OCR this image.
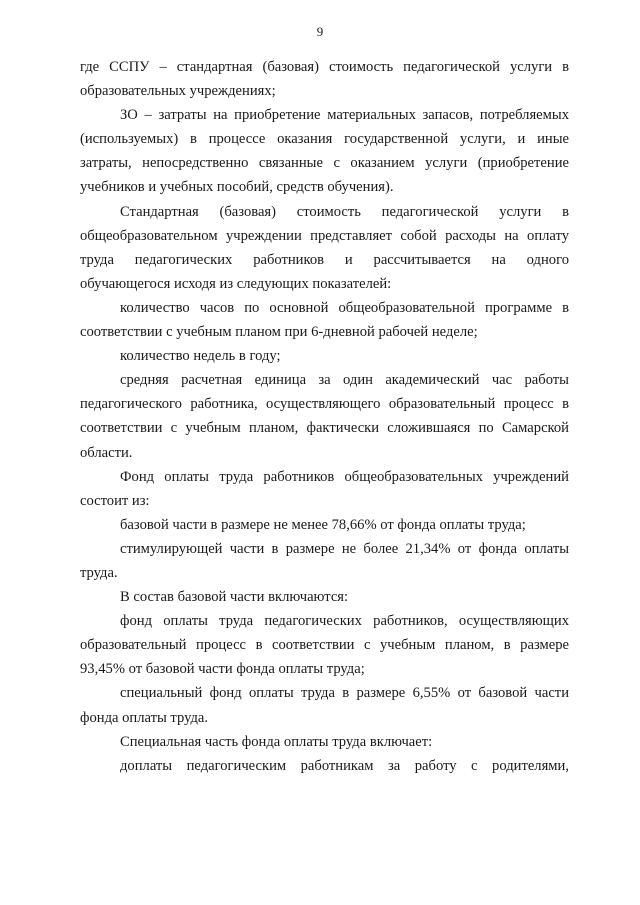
9
где ССПУ – стандартная (базовая) стоимость педагогической услуги в
образовательных учреждениях;
ЗО – затраты на приобретение материальных запасов, потребляемых
(используемых) в процессе оказания государственной услуги, и иные
затраты, непосредственно связанные с оказанием услуги (приобретение
учебников и учебных пособий, средств обучения).
Стандартная (базовая) стоимость педагогической услуги в
общеобразовательном учреждении представляет собой расходы на оплату
труда педагогических работников и рассчитывается на одного
обучающегося исходя из следующих показателей:
количество часов по основной общеобразовательной программе в
соответствии с учебным планом при 6-дневной рабочей неделе;
количество недель в году;
средняя расчетная единица за один академический час работы
педагогического работника, осуществляющего образовательный процесс в
соответствии с учебным планом, фактически сложившаяся по Самарской
области.
Фонд оплаты труда работников общеобразовательных учреждений
состоит из:
базовой части в размере не менее 78,66% от фонда оплаты труда;
стимулирующей части в размере не более 21,34% от фонда оплаты
труда.
В состав базовой части включаются:
фонд оплаты труда педагогических работников, осуществляющих
образовательный процесс в соответствии с учебным планом, в размере
93,45% от базовой части фонда оплаты труда;
специальный фонд оплаты труда в размере 6,55% от базовой части
фонда оплаты труда.
Специальная часть фонда оплаты труда включает:
доплаты педагогическим работникам за работу с родителями,
